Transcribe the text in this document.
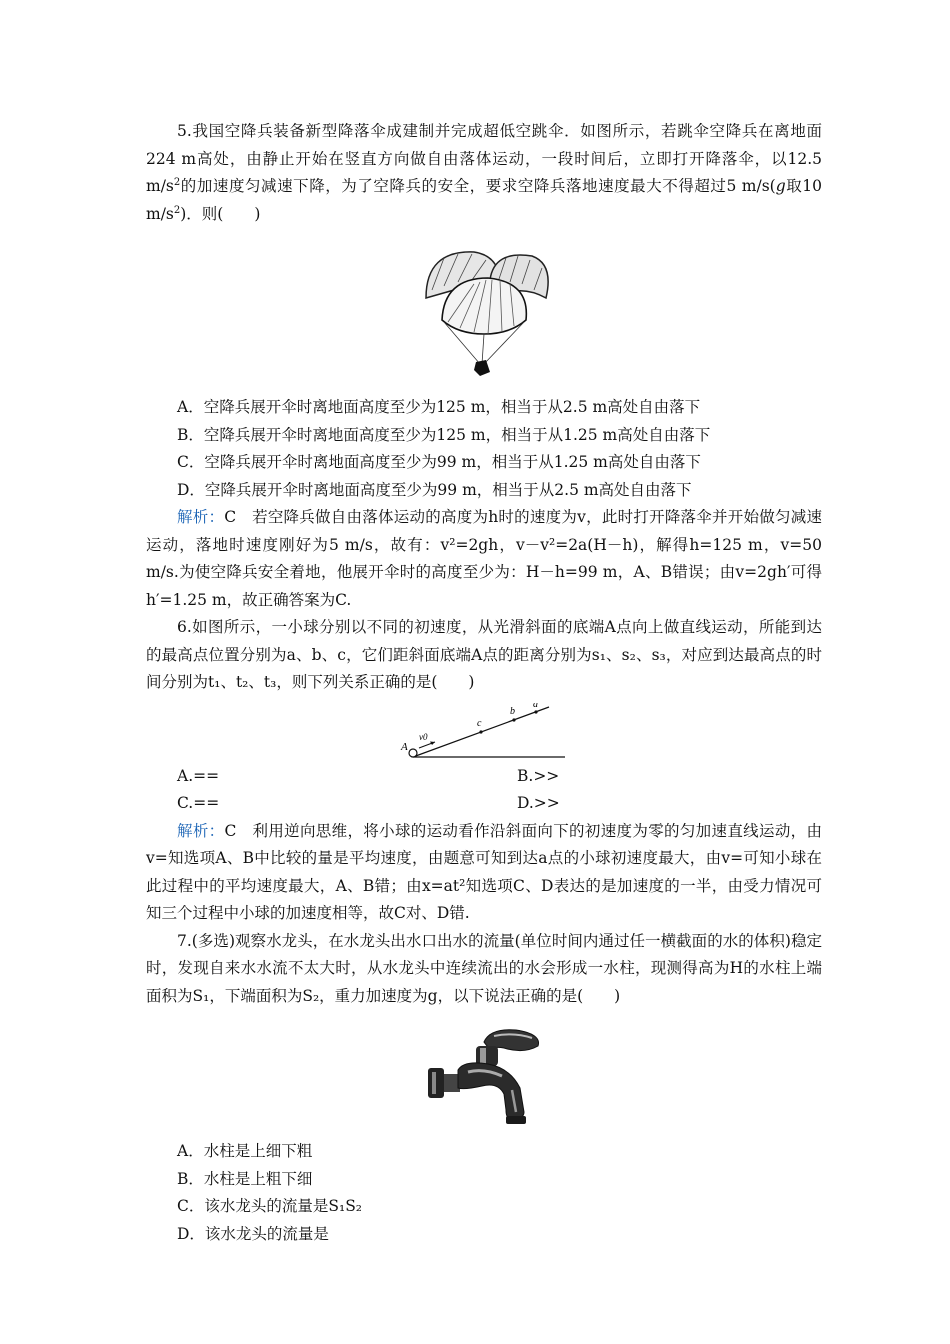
5.我国空降兵装备新型降落伞成建制并完成超低空跳伞．如图所示，若跳伞空降兵在离地面224 m高处，由静止开始在竖直方向做自由落体运动，一段时间后，立即打开降落伞，以12.5 $m/s^2$的加速度匀减速下降，为了空降兵的安全，要求空降兵落地速度最大不得超过5 m/s(g取10 $m/s^2$)．则(　　)

A．空降兵展开伞时离地面高度至少为125 m，相当于从2.5 m高处自由落下

B．空降兵展开伞时离地面高度至少为125 m，相当于从1.25 m高处自由落下

C．空降兵展开伞时离地面高度至少为99 m，相当于从1.25 m高处自由落下

D．空降兵展开伞时离地面高度至少为99 m，相当于从2.5 m高处自由落下

解析：C　若空降兵做自由落体运动的高度为h时的速度为v，此时打开降落伞并开始做匀减速运动，落地时速度刚好为5 m/s，故有：v²=2gh，v－v²=2a(H－h)，解得h=125 m，v=50 m/s.为使空降兵安全着地，他展开伞时的高度至少为：H－h=99 m，A、B错误；由v=2gh′可得h′=1.25 m，故正确答案为C.

6.如图所示，一小球分别以不同的初速度，从光滑斜面的底端A点向上做直线运动，所能到达的最高点位置分别为a、b、c，它们距斜面底端A点的距离分别为s₁、s₂、s₃，对应到达最高点的时间分别为t₁、t₂、t₃，则下列关系正确的是(　　)

A
v0
c
b
a
A.==	B.>>
C.==	D.>>

解析：C　利用逆向思维，将小球的运动看作沿斜面向下的初速度为零的匀加速直线运动，由v=知选项A、B中比较的量是平均速度，由题意可知到达a点的小球初速度最大，由v=可知小球在此过程中的平均速度最大，A、B错；由x=at²知选项C、D表达的是加速度的一半，由受力情况可知三个过程中小球的加速度相等，故C对、D错.

7.(多选)观察水龙头，在水龙头出水口出水的流量(单位时间内通过任一横截面的水的体积)稳定时，发现自来水水流不太大时，从水龙头中连续流出的水会形成一水柱，现测得高为H的水柱上端面积为S₁，下端面积为S₂，重力加速度为g，以下说法正确的是(　　)

A．水柱是上细下粗

B．水柱是上粗下细

C．该水龙头的流量是S₁S₂

D．该水龙头的流量是
